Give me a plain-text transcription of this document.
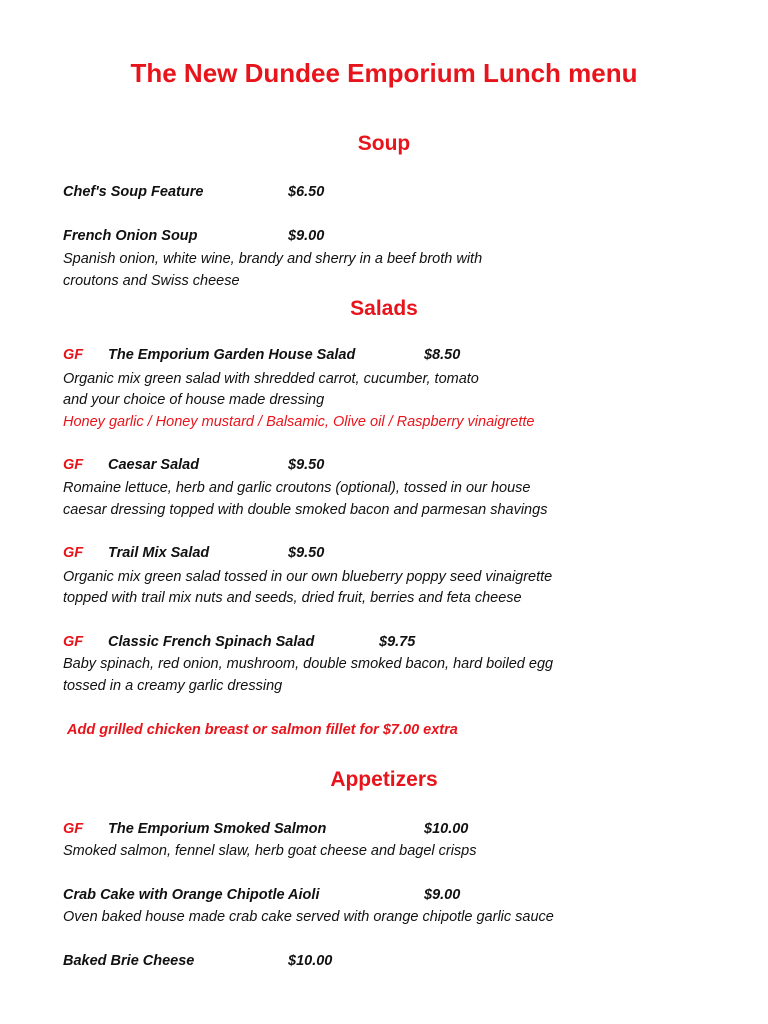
The New Dundee Emporium Lunch menu
Soup
Chef's Soup Feature	$6.50
French Onion Soup	$9.00
Spanish onion, white wine, brandy and sherry in a beef broth with
croutons and Swiss cheese
Salads
GF The Emporium Garden House Salad	$8.50
Organic mix green salad with shredded carrot, cucumber, tomato
and your choice of house made dressing
Honey garlic / Honey mustard / Balsamic, Olive oil / Raspberry vinaigrette
GF Caesar Salad	$9.50
Romaine lettuce, herb and garlic croutons (optional), tossed in our house
caesar dressing topped with double smoked bacon and parmesan shavings
GF Trail Mix Salad	$9.50
Organic mix green salad tossed in our own blueberry poppy seed vinaigrette
topped with trail mix nuts and seeds, dried fruit, berries and feta cheese
GF Classic French Spinach Salad	$9.75
Baby spinach, red onion, mushroom, double smoked bacon, hard boiled egg
tossed in a creamy garlic dressing
Add grilled chicken breast or salmon fillet for $7.00 extra
Appetizers
GF The Emporium Smoked Salmon	$10.00
Smoked salmon, fennel slaw, herb goat cheese and bagel crisps
Crab Cake with Orange Chipotle Aioli	$9.00
Oven baked house made crab cake served with orange chipotle garlic sauce
Baked Brie Cheese	$10.00
